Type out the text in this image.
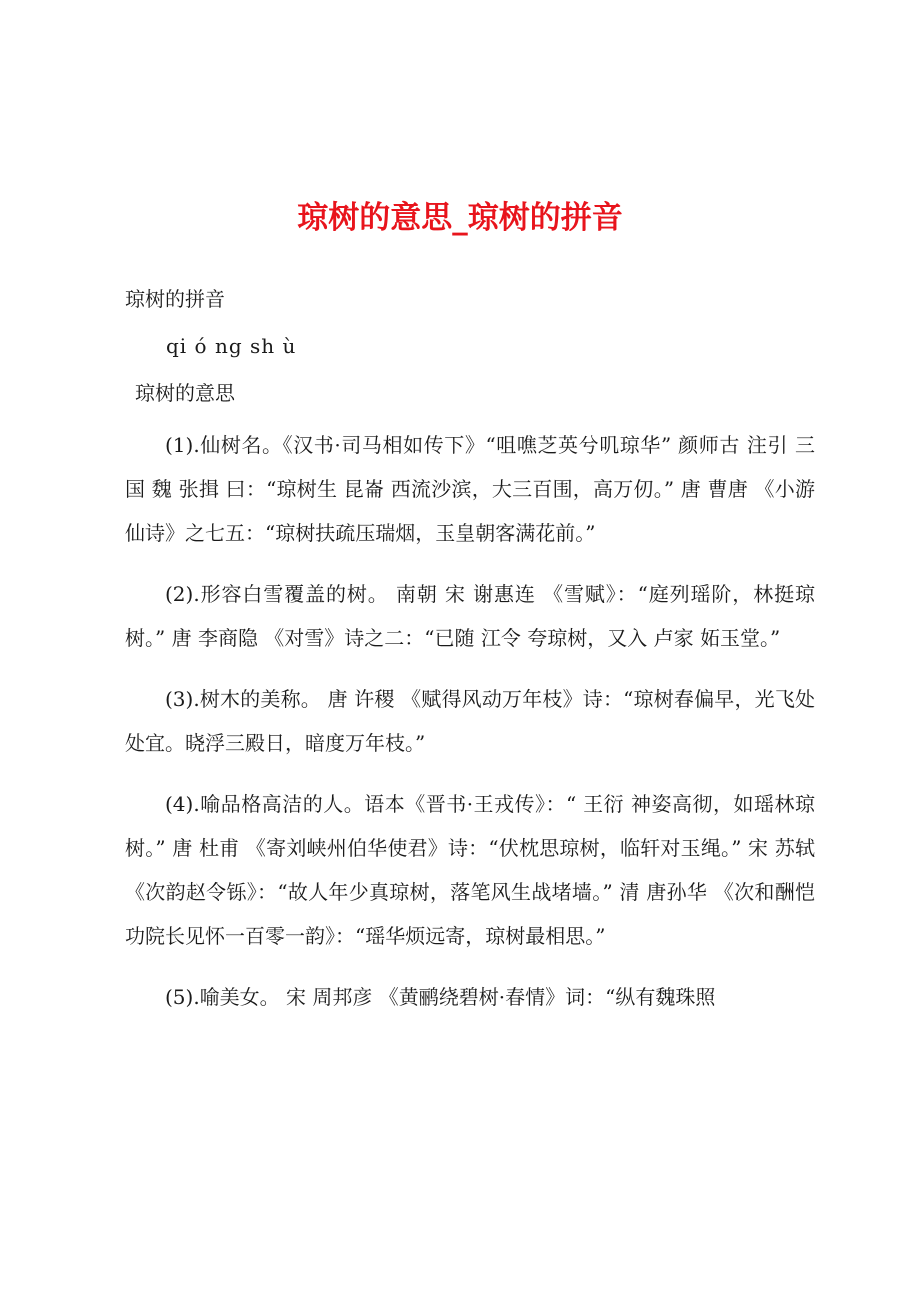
琼树的意思_琼树的拼音

琼树的拼音

qi ó ng sh ù

琼树的意思

(1).仙树名。《汉书·司马相如传下》“咀噍芝英兮叽琼华” 颜师古 注引 三国 魏 张揖 曰：“琼树生 昆崙 西流沙滨，大三百围，高万仞。” 唐 曹唐 《小游仙诗》之七五：“琼树扶疏压瑞烟，玉皇朝客满花前。”

(2).形容白雪覆盖的树。 南朝 宋 谢惠连 《雪赋》：“庭列瑶阶，林挺琼树。” 唐 李商隐 《对雪》诗之二：“已随 江令 夸琼树，又入 卢家 妬玉堂。”

(3).树木的美称。 唐 许稷 《赋得风动万年枝》诗：“琼树春偏早，光飞处处宜。晓浮三殿日，暗度万年枝。”

(4).喻品格高洁的人。语本《晋书·王戎传》：“ 王衍 神姿高彻，如瑶林琼树。” 唐 杜甫 《寄刘峡州伯华使君》诗：“伏枕思琼树，临轩对玉绳。” 宋 苏轼 《次韵赵令铄》：“故人年少真琼树，落笔风生战堵墙。” 清 唐孙华 《次和酬恺功院长见怀一百零一韵》：“瑶华烦远寄，琼树最相思。”

(5).喻美女。 宋 周邦彦 《黄鹂绕碧树·春情》词：“纵有魏珠照
